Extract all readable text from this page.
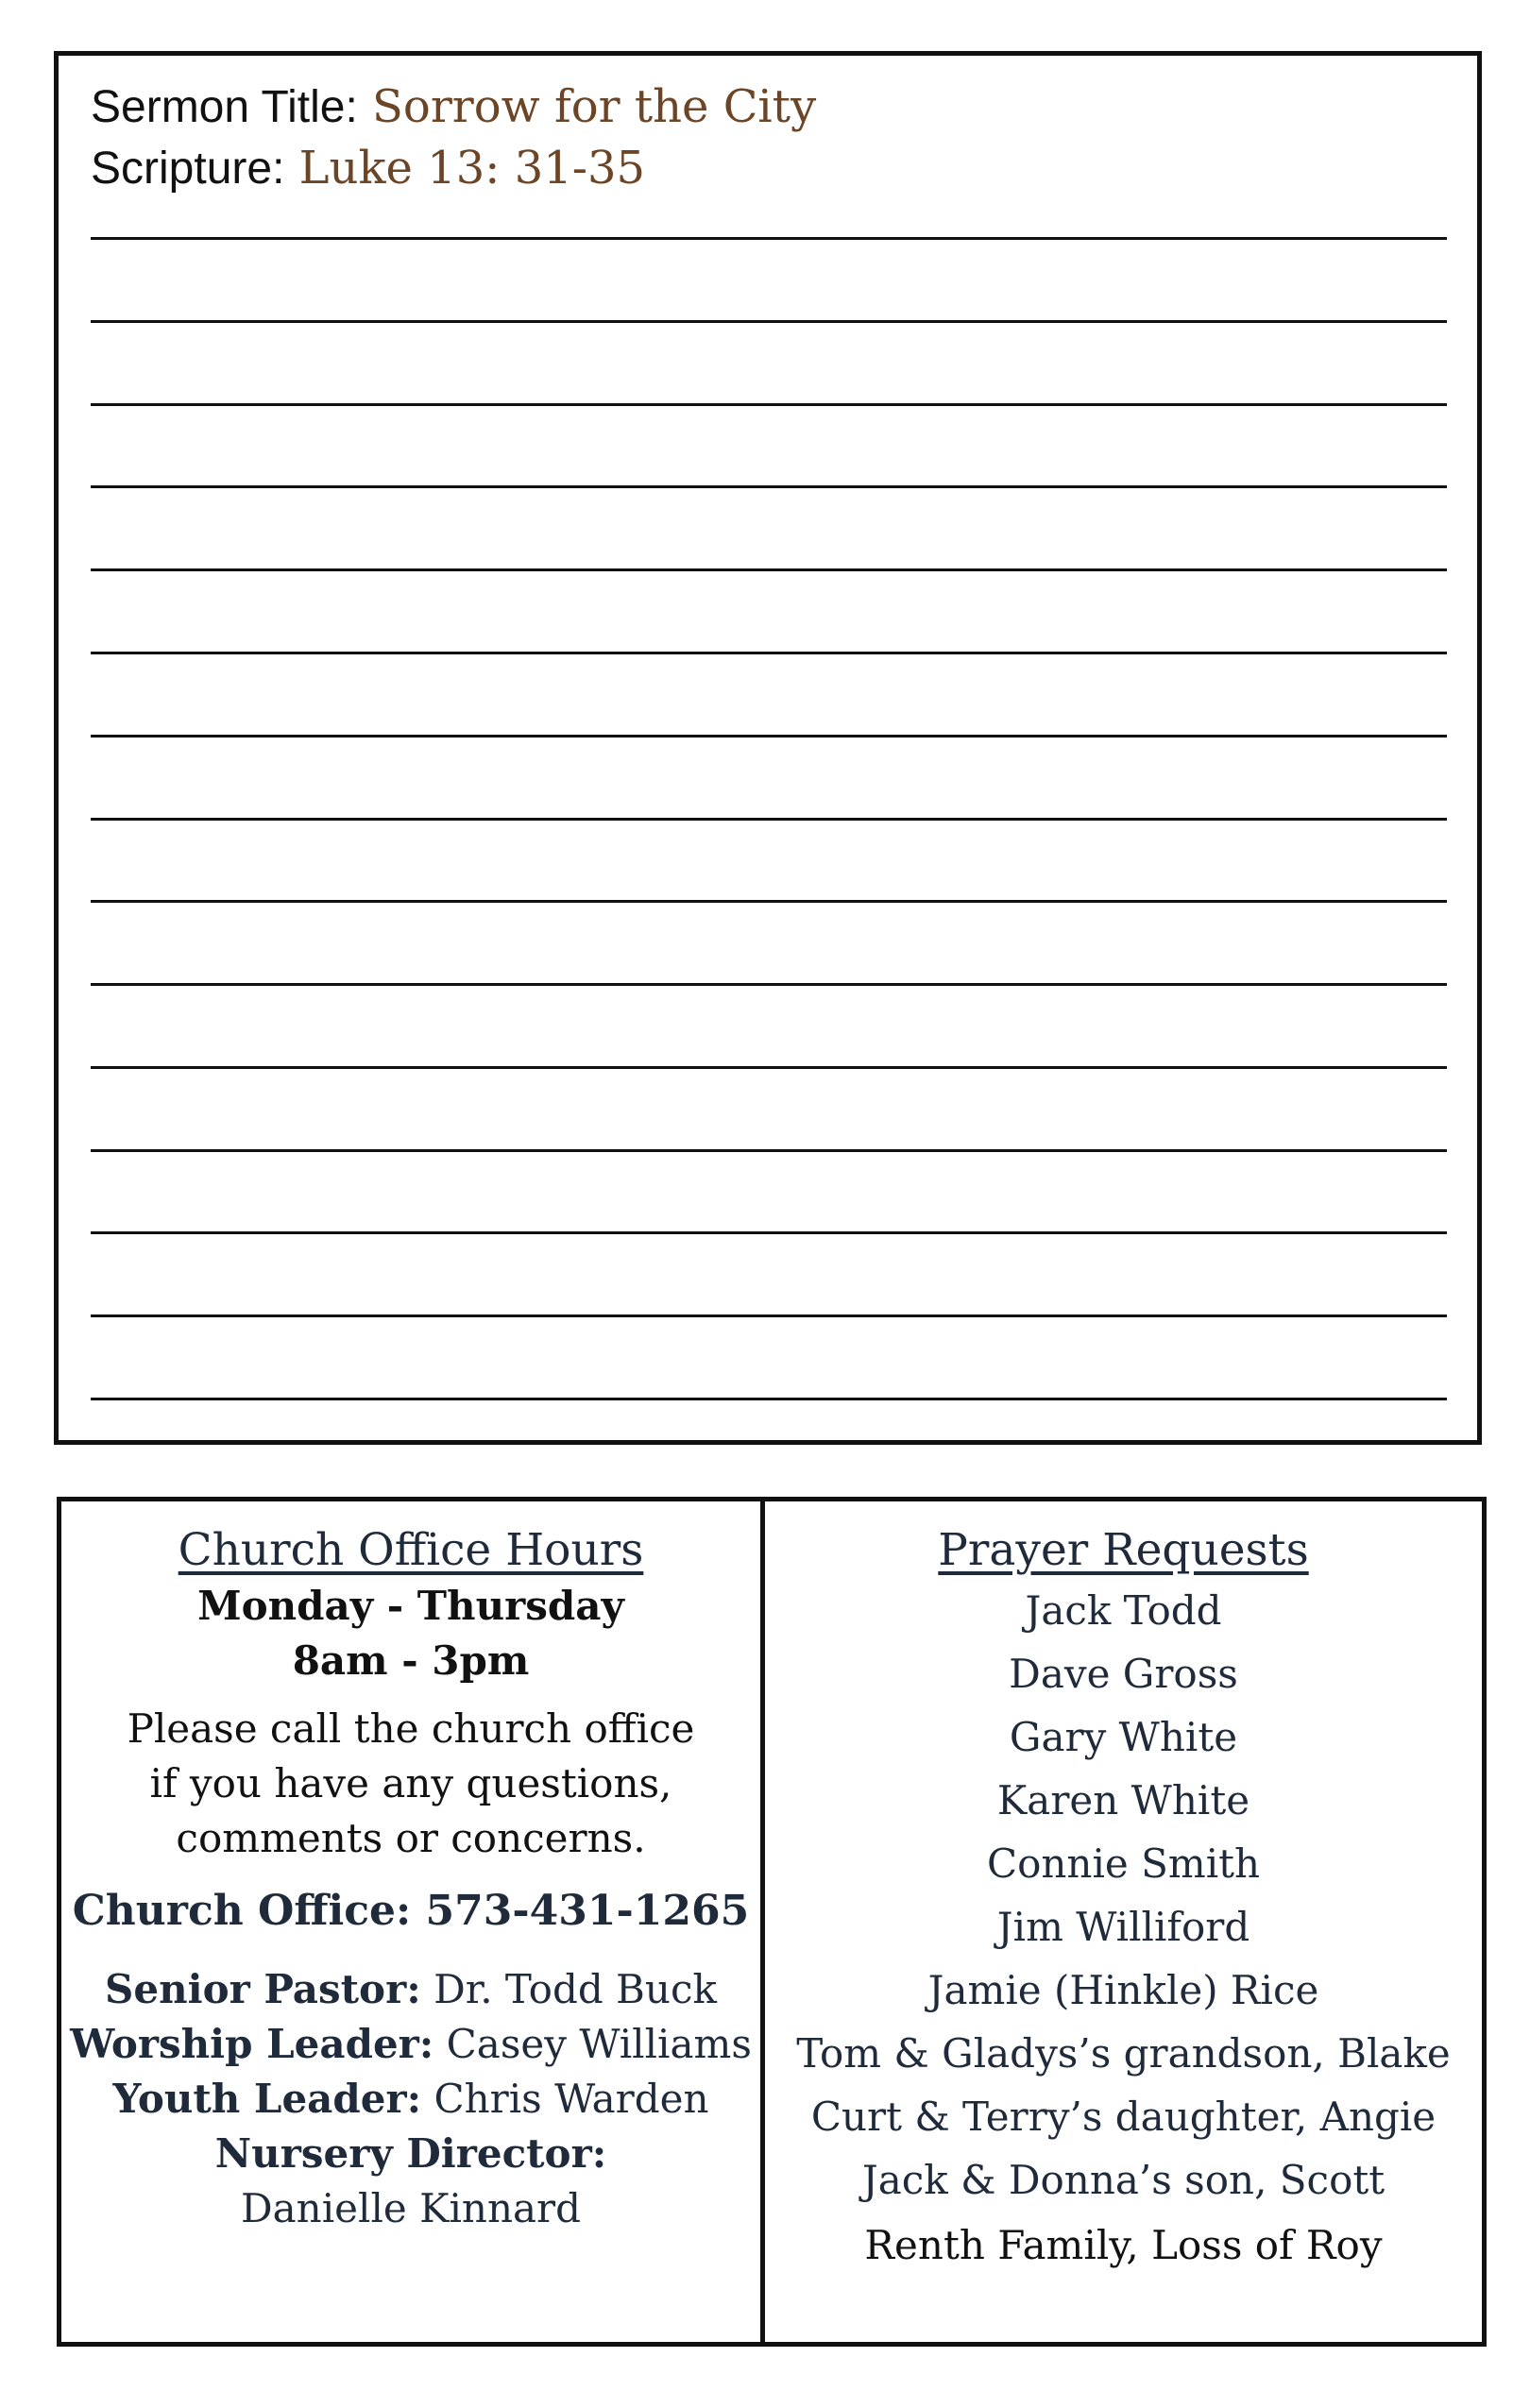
Sermon Title: Sorrow for the City
Scripture: Luke 13: 31-35
Church Office Hours
Monday - Thursday
8am - 3pm
Please call the church office
if you have any questions,
comments or concerns.
Church Office: 573-431-1265
Senior Pastor: Dr. Todd Buck
Worship Leader: Casey Williams
Youth Leader: Chris Warden
Nursery Director: Danielle Kinnard
Prayer Requests
Jack Todd
Dave Gross
Gary White
Karen White
Connie Smith
Jim Williford
Jamie (Hinkle) Rice
Tom & Gladys’s grandson, Blake
Curt & Terry’s daughter, Angie
Jack & Donna’s son, Scott
Renth Family, Loss of Roy
